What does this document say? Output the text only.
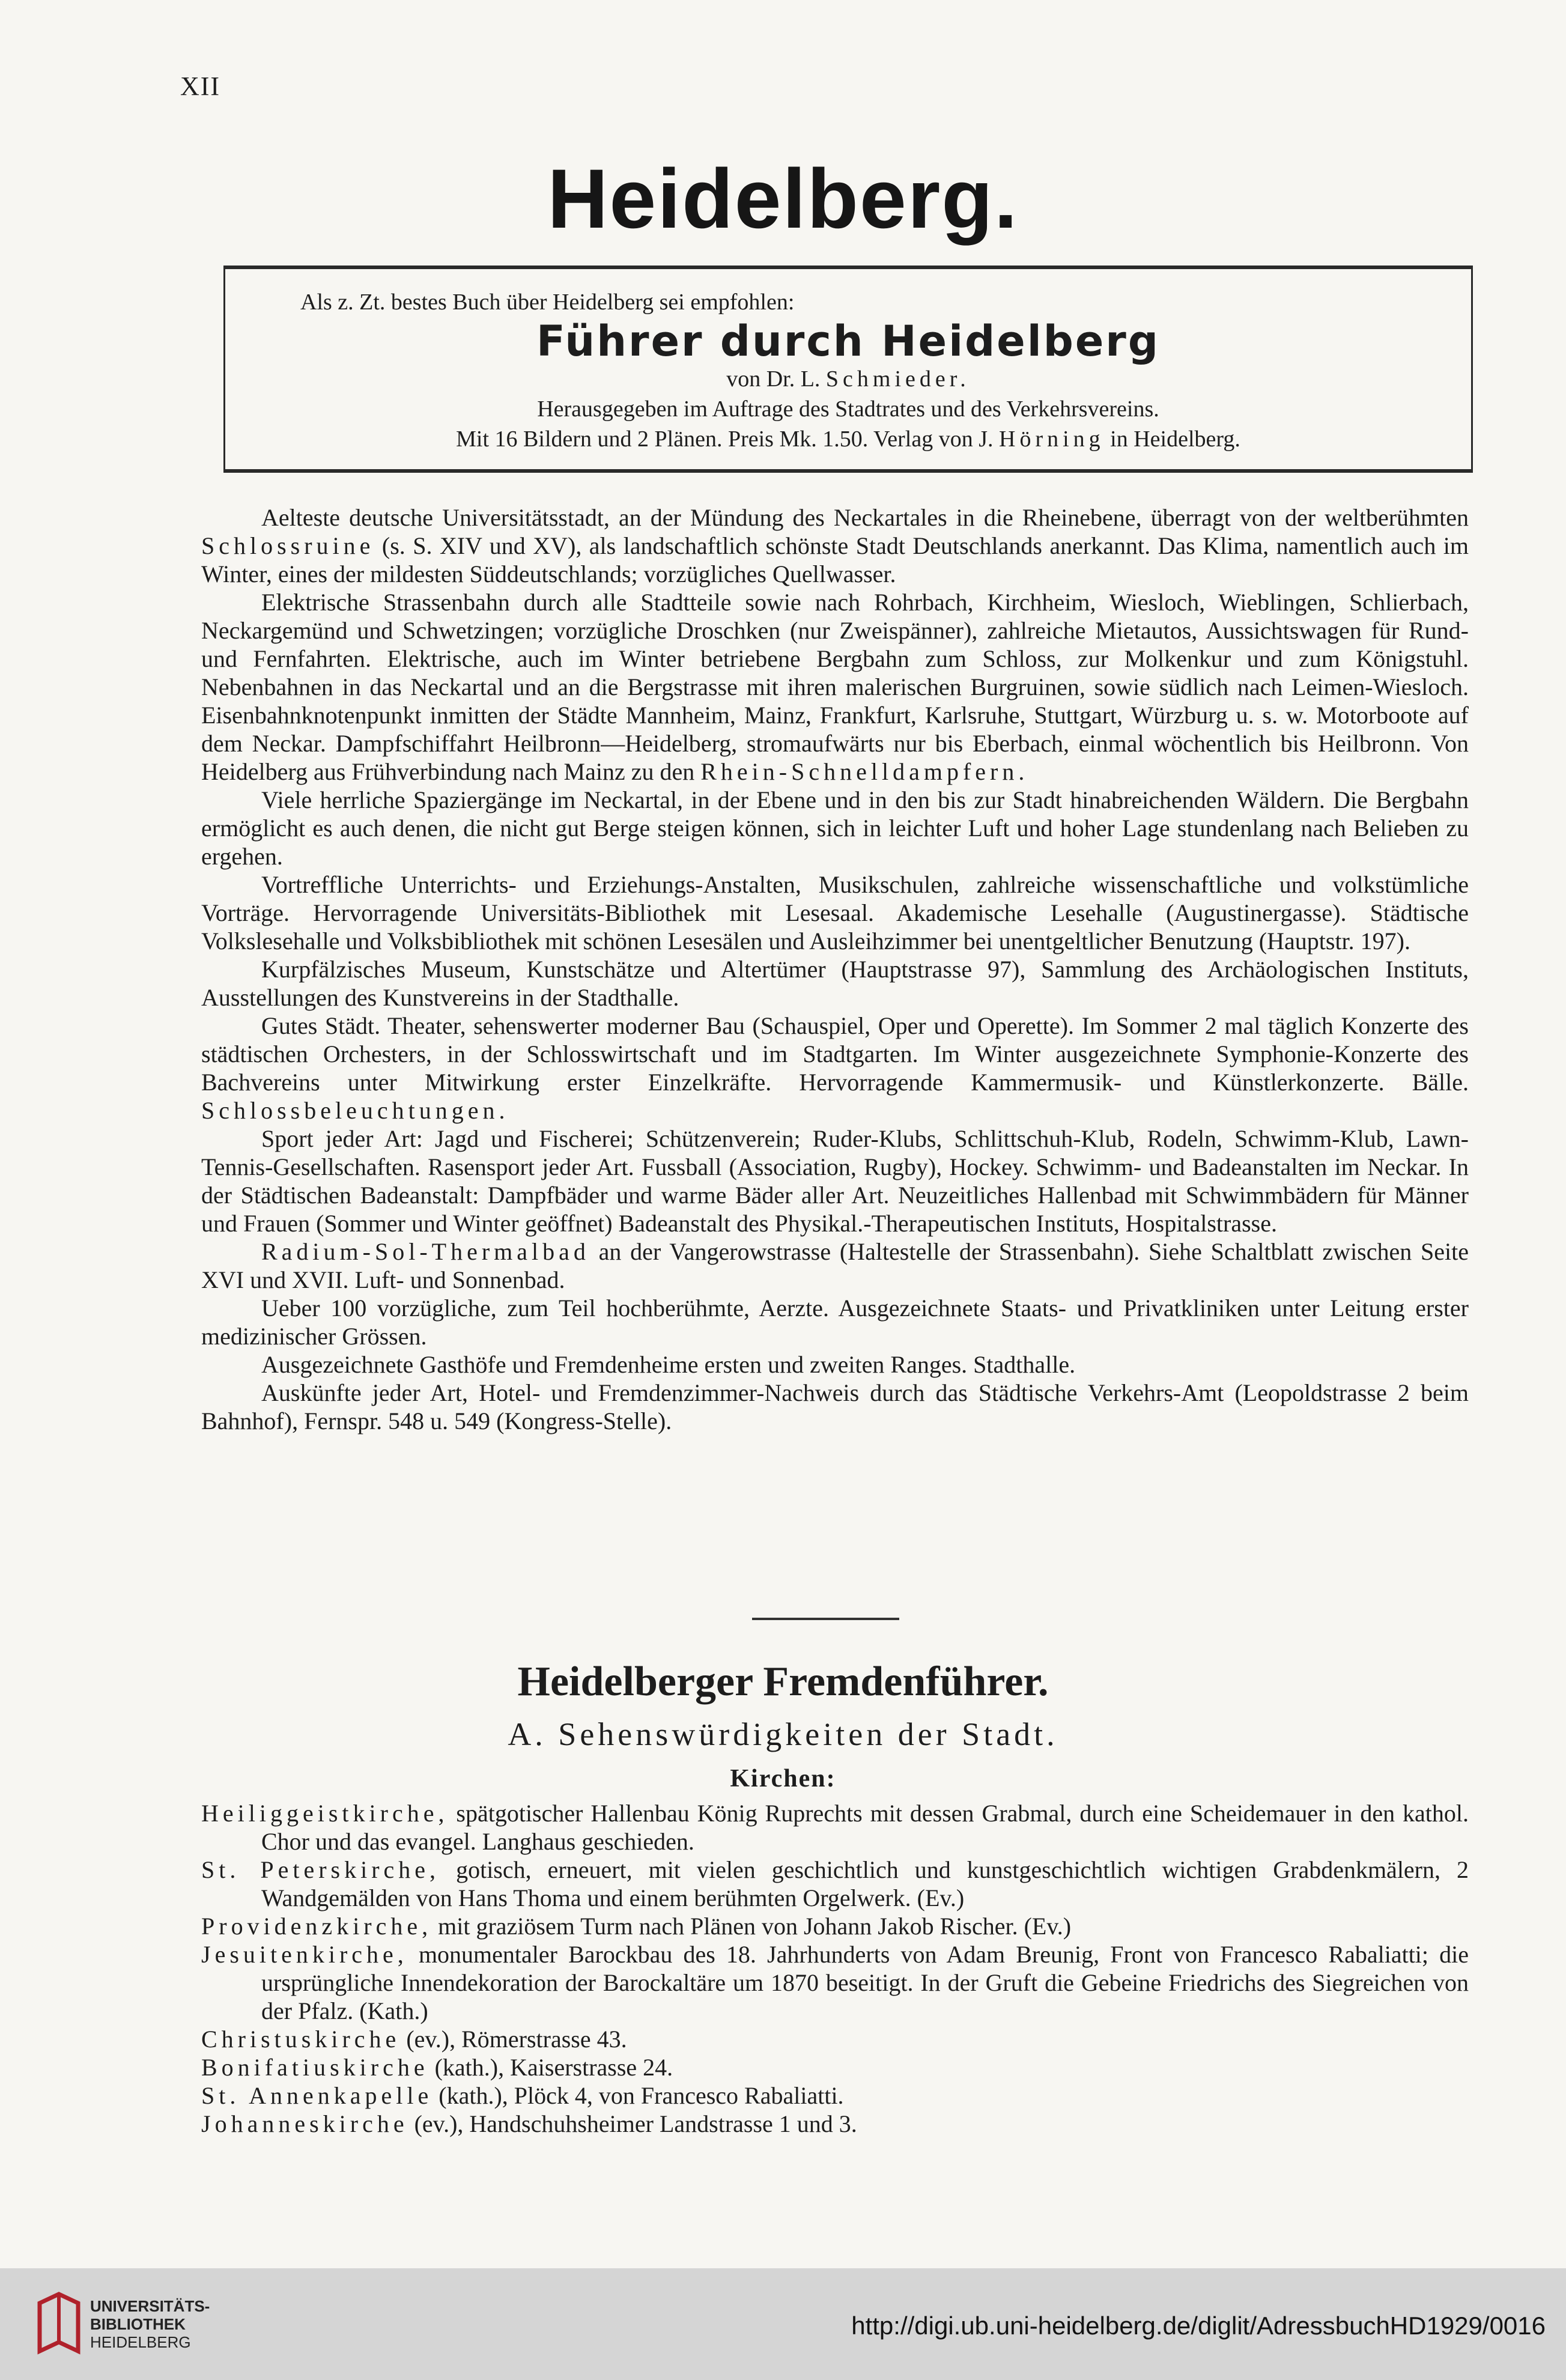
XII
Heidelberg.
Als z. Zt. bestes Buch über Heidelberg sei empfohlen:
Führer durch Heidelberg
von Dr. L. Schmieder.
Herausgegeben im Auftrage des Stadtrates und des Verkehrsvereins.
Mit 16 Bildern und 2 Plänen. Preis Mk. 1.50. Verlag von J. Hörning in Heidelberg.

Aelteste deutsche Universitätsstadt, an der Mündung des Neckartales in die Rheinebene, überragt von der weltberühmten Schlossruine (s. S. XIV und XV), als landschaftlich schönste Stadt Deutschlands anerkannt. Das Klima, namentlich auch im Winter, eines der mildesten Süddeutschlands; vorzügliches Quellwasser.

Elektrische Strassenbahn durch alle Stadtteile sowie nach Rohrbach, Kirchheim, Wiesloch, Wieblingen, Schlierbach, Neckargemünd und Schwetzingen; vorzügliche Droschken (nur Zweispänner), zahlreiche Mietautos, Aussichtswagen für Rund- und Fernfahrten. Elektrische, auch im Winter betriebene Bergbahn zum Schloss, zur Molkenkur und zum Königstuhl. Nebenbahnen in das Neckartal und an die Bergstrasse mit ihren malerischen Burgruinen, sowie südlich nach Leimen-Wiesloch. Eisenbahnknotenpunkt inmitten der Städte Mannheim, Mainz, Frankfurt, Karlsruhe, Stuttgart, Würzburg u. s. w. Motorboote auf dem Neckar. Dampfschiffahrt Heilbronn—Heidelberg, stromaufwärts nur bis Eberbach, einmal wöchentlich bis Heilbronn. Von Heidelberg aus Frühverbindung nach Mainz zu den Rhein-Schnelldampfern.

Viele herrliche Spaziergänge im Neckartal, in der Ebene und in den bis zur Stadt hinabreichenden Wäldern. Die Bergbahn ermöglicht es auch denen, die nicht gut Berge steigen können, sich in leichter Luft und hoher Lage stundenlang nach Belieben zu ergehen.

Vortreffliche Unterrichts- und Erziehungs-Anstalten, Musikschulen, zahlreiche wissenschaftliche und volkstümliche Vorträge. Hervorragende Universitäts-Bibliothek mit Lesesaal. Akademische Lesehalle (Augustinergasse). Städtische Volkslesehalle und Volksbibliothek mit schönen Lesesälen und Ausleihzimmer bei unentgeltlicher Benutzung (Hauptstr. 197).

Kurpfälzisches Museum, Kunstschätze und Altertümer (Hauptstrasse 97), Sammlung des Archäologischen Instituts, Ausstellungen des Kunstvereins in der Stadthalle.

Gutes Städt. Theater, sehenswerter moderner Bau (Schauspiel, Oper und Operette). Im Sommer 2 mal täglich Konzerte des städtischen Orchesters, in der Schlosswirtschaft und im Stadtgarten. Im Winter ausgezeichnete Symphonie-Konzerte des Bachvereins unter Mitwirkung erster Einzelkräfte. Hervorragende Kammermusik- und Künstlerkonzerte. Bälle. Schlossbeleuchtungen.

Sport jeder Art: Jagd und Fischerei; Schützenverein; Ruder-Klubs, Schlittschuh-Klub, Rodeln, Schwimm-Klub, Lawn-Tennis-Gesellschaften. Rasensport jeder Art. Fussball (Association, Rugby), Hockey. Schwimm- und Badeanstalten im Neckar. In der Städtischen Badeanstalt: Dampfbäder und warme Bäder aller Art. Neuzeitliches Hallenbad mit Schwimmbädern für Männer und Frauen (Sommer und Winter geöffnet) Badeanstalt des Physikal.-Therapeutischen Instituts, Hospitalstrasse.

Radium-Sol-Thermalbad an der Vangerowstrasse (Haltestelle der Strassenbahn). Siehe Schaltblatt zwischen Seite XVI und XVII. Luft- und Sonnenbad.

Ueber 100 vorzügliche, zum Teil hochberühmte, Aerzte. Ausgezeichnete Staats- und Privatkliniken unter Leitung erster medizinischer Grössen.

Ausgezeichnete Gasthöfe und Fremdenheime ersten und zweiten Ranges. Stadthalle.

Auskünfte jeder Art, Hotel- und Fremdenzimmer-Nachweis durch das Städtische Verkehrs-Amt (Leopoldstrasse 2 beim Bahnhof), Fernspr. 548 u. 549 (Kongress-Stelle).

Heidelberger Fremdenführer.
A. Sehenswürdigkeiten der Stadt.
Kirchen:

Heiliggeistkirche, spätgotischer Hallenbau König Ruprechts mit dessen Grabmal, durch eine Scheidemauer in den kathol. Chor und das evangel. Langhaus geschieden.

St. Peterskirche, gotisch, erneuert, mit vielen geschichtlich und kunstgeschichtlich wichtigen Grabdenkmälern, 2 Wandgemälden von Hans Thoma und einem berühmten Orgelwerk. (Ev.)

Providenzkirche, mit graziösem Turm nach Plänen von Johann Jakob Rischer. (Ev.)

Jesuitenkirche, monumentaler Barockbau des 18. Jahrhunderts von Adam Breunig, Front von Francesco Rabaliatti; die ursprüngliche Innendekoration der Barockaltäre um 1870 beseitigt. In der Gruft die Gebeine Friedrichs des Siegreichen von der Pfalz. (Kath.)

Christuskirche (ev.), Römerstrasse 43.

Bonifatiuskirche (kath.), Kaiserstrasse 24.

St. Annenkapelle (kath.), Plöck 4, von Francesco Rabaliatti.

Johanneskirche (ev.), Handschuhsheimer Landstrasse 1 und 3.

UNIVERSITÄTS-
BIBLIOTHEK
HEIDELBERG
http://digi.ub.uni-heidelberg.de/diglit/AdressbuchHD1929/0016
